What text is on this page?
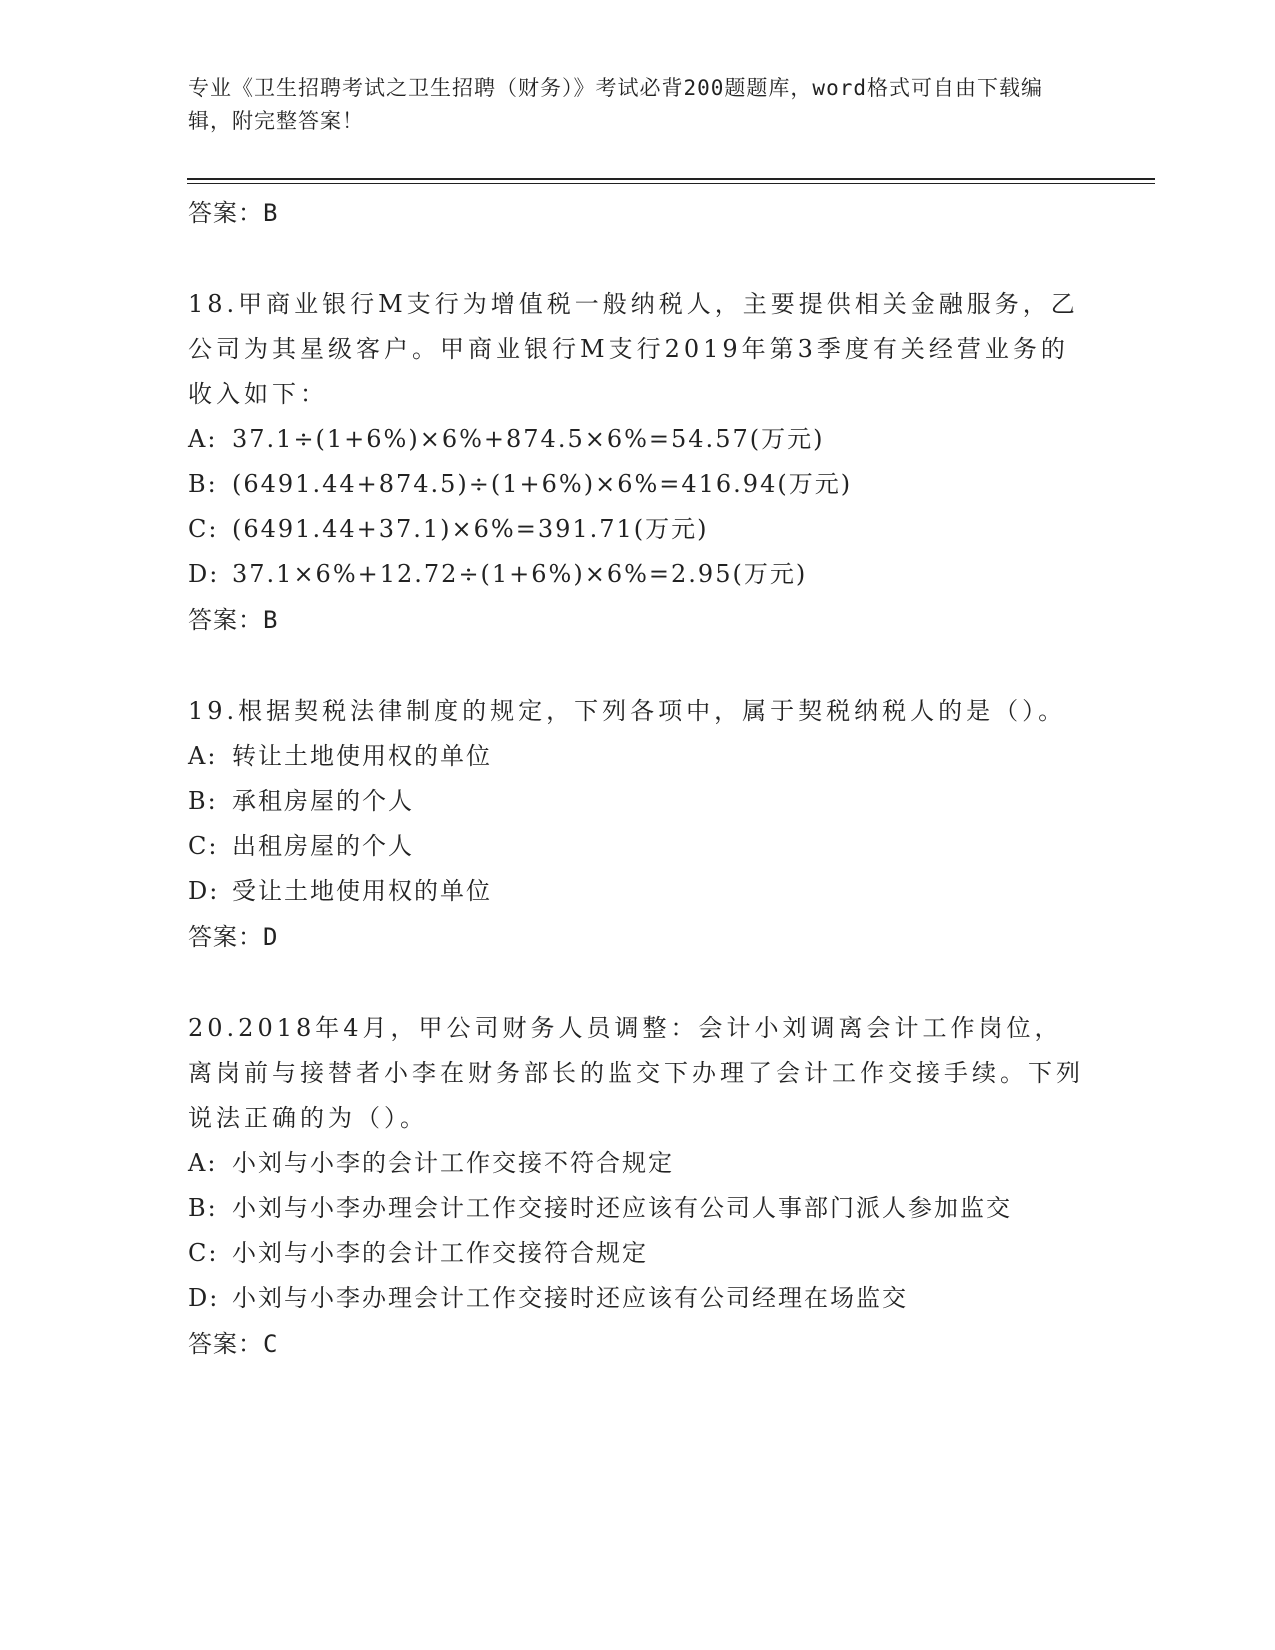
专业《卫生招聘考试之卫生招聘（财务）》考试必背200题题库，word格式可自由下载编辑，附完整答案！
答案：B
18.甲商业银行M支行为增值税一般纳税人，主要提供相关金融服务，乙公司为其星级客户。甲商业银行M支行2019年第3季度有关经营业务的收入如下：
A: 37.1÷(1+6%)×6%+874.5×6%=54.57(万元)
B: (6491.44+874.5)÷(1+6%)×6%=416.94(万元)
C: (6491.44+37.1)×6%=391.71(万元)
D: 37.1×6%+12.72÷(1+6%)×6%=2.95(万元)
答案：B
19.根据契税法律制度的规定，下列各项中，属于契税纳税人的是（）。
A: 转让土地使用权的单位
B: 承租房屋的个人
C: 出租房屋的个人
D: 受让土地使用权的单位
答案：D
20.2018年4月，甲公司财务人员调整：会计小刘调离会计工作岗位，离岗前与接替者小李在财务部长的监交下办理了会计工作交接手续。下列说法正确的为（）。
A: 小刘与小李的会计工作交接不符合规定
B: 小刘与小李办理会计工作交接时还应该有公司人事部门派人参加监交
C: 小刘与小李的会计工作交接符合规定
D: 小刘与小李办理会计工作交接时还应该有公司经理在场监交
答案：C
